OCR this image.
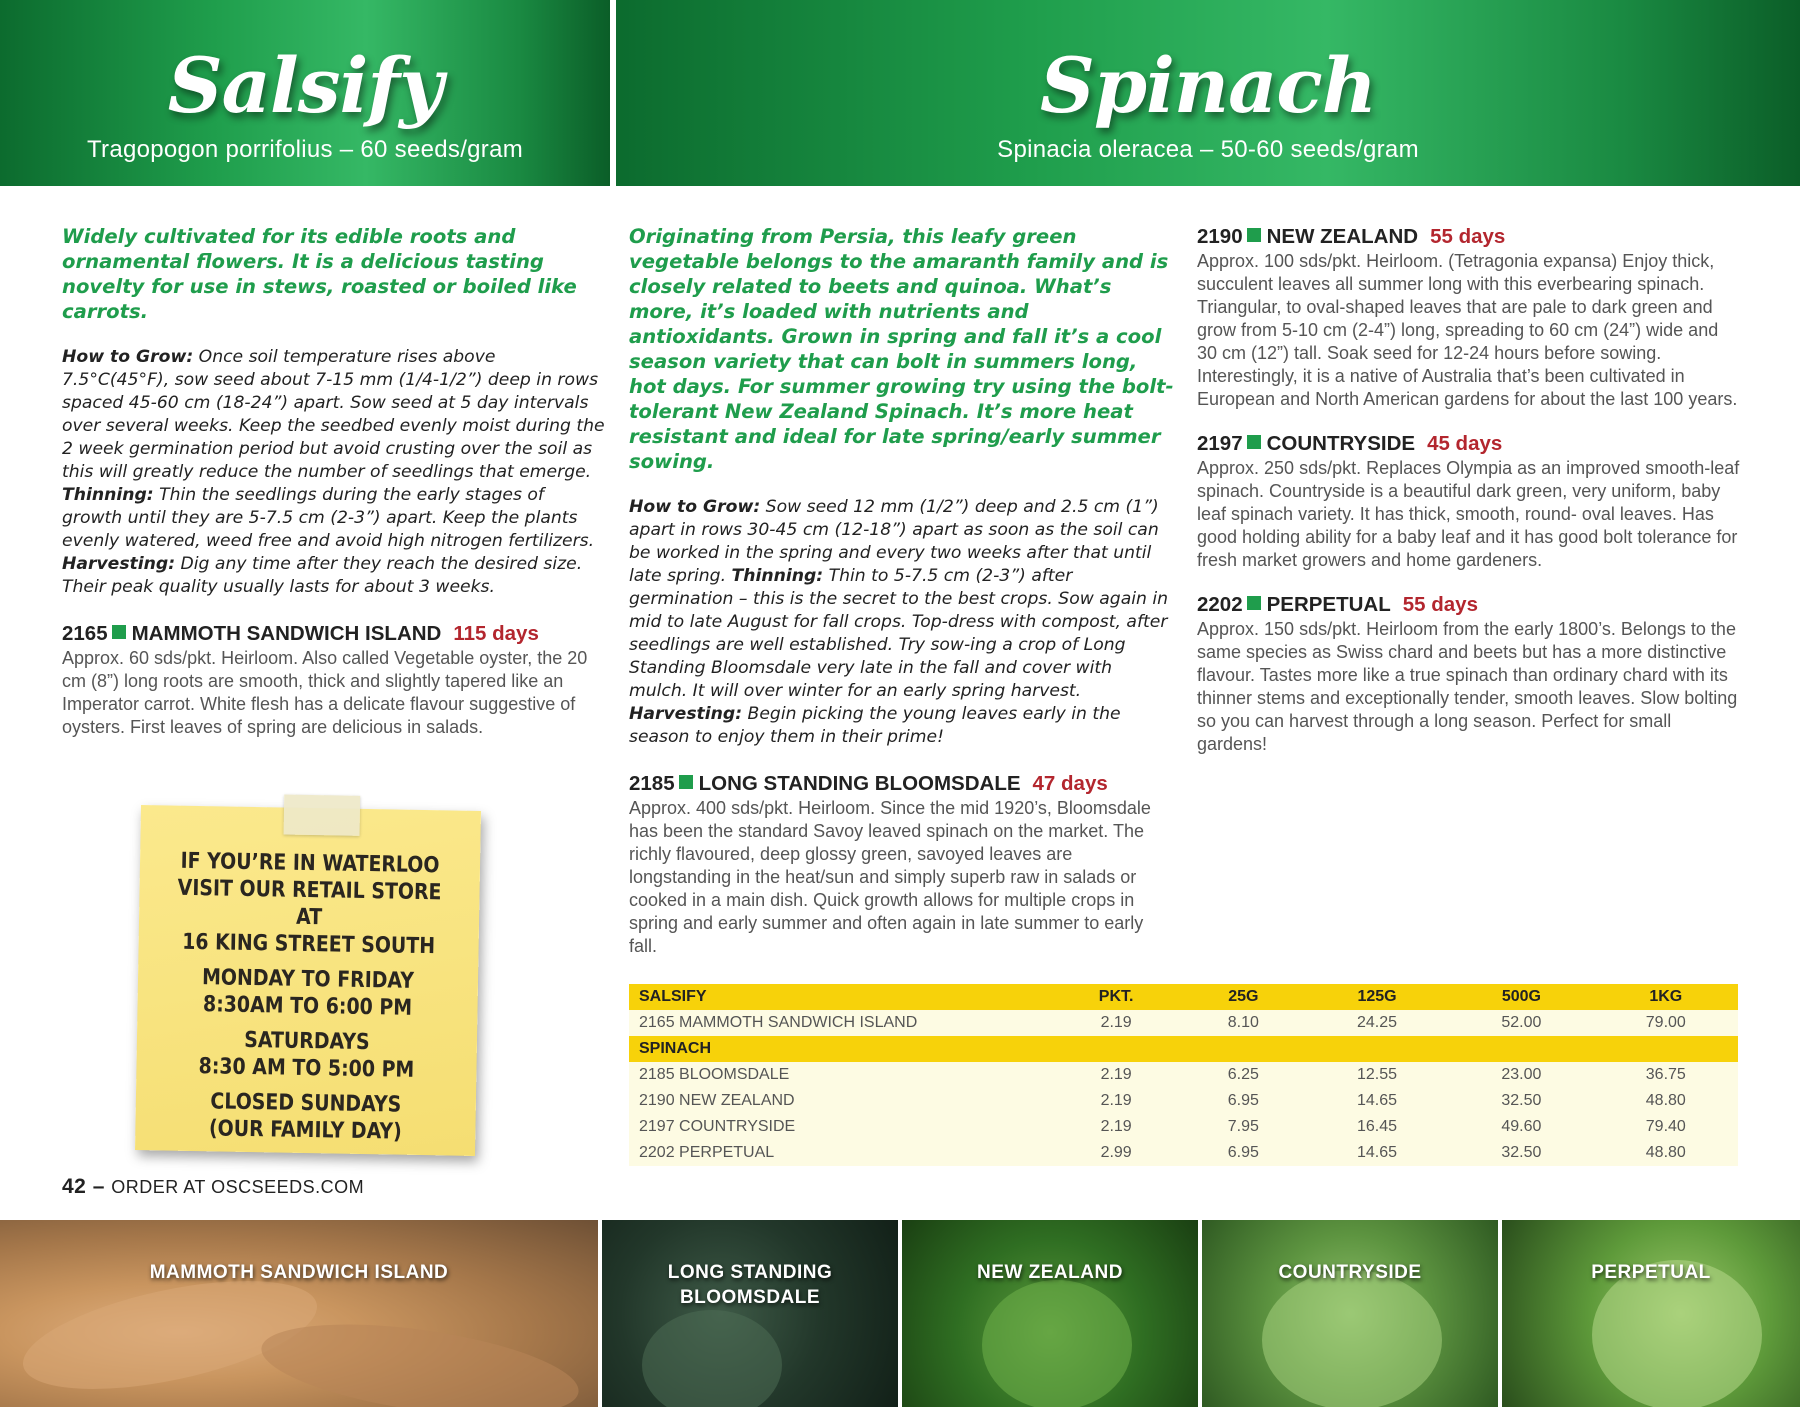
Salsify
Tragopogon porrifolius – 60 seeds/gram
Spinach
Spinacia oleracea – 50-60 seeds/gram

Widely cultivated for its edible roots and ornamental flowers. It is a delicious tasting novelty for use in stews, roasted or boiled like carrots.

How to Grow: Once soil temperature rises above 7.5°C(45°F), sow seed about 7-15 mm (1/4-1/2”) deep in rows spaced 45-60 cm (18-24”) apart. Sow seed at 5 day intervals over several weeks. Keep the seedbed evenly moist during the 2 week germination period but avoid crusting over the soil as this will greatly reduce the number of seedlings that emerge. Thinning: Thin the seedlings during the early stages of growth until they are 5-7.5 cm (2-3”) apart. Keep the plants evenly watered, weed free and avoid high nitrogen fertilizers. Harvesting: Dig any time after they reach the desired size. Their peak quality usually lasts for about 3 weeks.

2165 MAMMOTH SANDWICH ISLAND 115 days
Approx. 60 sds/pkt. Heirloom. Also called Vegetable oyster, the 20 cm (8”) long roots are smooth, thick and slightly tapered like an Imperator carrot. White flesh has a delicate flavour suggestive of oysters. First leaves of spring are delicious in salads.

Originating from Persia, this leafy green vegetable belongs to the amaranth family and is closely related to beets and quinoa. What’s more, it’s loaded with nutrients and antioxidants. Grown in spring and fall it’s a cool season variety that can bolt in summers long, hot days. For summer growing try using the bolt-tolerant New Zealand Spinach. It’s more heat resistant and ideal for late spring/early summer sowing.

How to Grow: Sow seed 12 mm (1/2”) deep and 2.5 cm (1”) apart in rows 30-45 cm (12-18”) apart as soon as the soil can be worked in the spring and every two weeks after that until late spring. Thinning: Thin to 5-7.5 cm (2-3”) after germination – this is the secret to the best crops. Sow again in mid to late August for fall crops. Top-dress with compost, after seedlings are well established. Try sow-ing a crop of Long Standing Bloomsdale very late in the fall and cover with mulch. It will over winter for an early spring harvest. Harvesting: Begin picking the young leaves early in the season to enjoy them in their prime!

2185 LONG STANDING BLOOMSDALE 47 days
Approx. 400 sds/pkt. Heirloom. Since the mid 1920’s, Bloomsdale has been the standard Savoy leaved spinach on the market. The richly flavoured, deep glossy green, savoyed leaves are longstanding in the heat/sun and simply superb raw in salads or cooked in a main dish. Quick growth allows for multiple crops in spring and early summer and often again in late summer to early fall.
2190 NEW ZEALAND 55 days
Approx. 100 sds/pkt. Heirloom. (Tetragonia expansa) Enjoy thick, succulent leaves all summer long with this everbearing spinach. Triangular, to oval-shaped leaves that are pale to dark green and grow from 5-10 cm (2-4”) long, spreading to 60 cm (24”) wide and 30 cm (12”) tall. Soak seed for 12-24 hours before sowing. Interestingly, it is a native of Australia that’s been cultivated in European and North American gardens for about the last 100 years.
2197 COUNTRYSIDE 45 days
Approx. 250 sds/pkt. Replaces Olympia as an improved smooth-leaf spinach. Countryside is a beautiful dark green, very uniform, baby leaf spinach variety. It has thick, smooth, round- oval leaves. Has good holding ability for a baby leaf and it has good bolt tolerance for fresh market growers and home gardeners.
2202 PERPETUAL 55 days
Approx. 150 sds/pkt. Heirloom from the early 1800’s. Belongs to the same species as Swiss chard and beets but has a more distinctive flavour. Tastes more like a true spinach than ordinary chard with its thinner stems and exceptionally tender, smooth leaves. Slow bolting so you can harvest through a long season. Perfect for small gardens!
IF YOU’RE IN WATERLOO
VISIT OUR RETAIL STORE AT
16 KING STREET SOUTH
MONDAY TO FRIDAY
8:30AM TO 6:00 PM
SATURDAYS
8:30 AM TO 5:00 PM
CLOSED SUNDAYS
(OUR FAMILY DAY)
42 – ORDER AT OSCSEEDS.COM
SALSIFY	PKT.	25G	125G	500G	1KG
2165 MAMMOTH SANDWICH ISLAND	2.19	8.10	24.25	52.00	79.00
SPINACH					
2185 BLOOMSDALE	2.19	6.25	12.55	23.00	36.75
2190 NEW ZEALAND	2.19	6.95	14.65	32.50	48.80
2197 COUNTRYSIDE	2.19	7.95	16.45	49.60	79.40
2202 PERPETUAL	2.99	6.95	14.65	32.50	48.80
MAMMOTH SANDWICH ISLAND	LONG STANDING
BLOOMSDALE
NEW ZEALAND	COUNTRYSIDE	PERPETUAL
